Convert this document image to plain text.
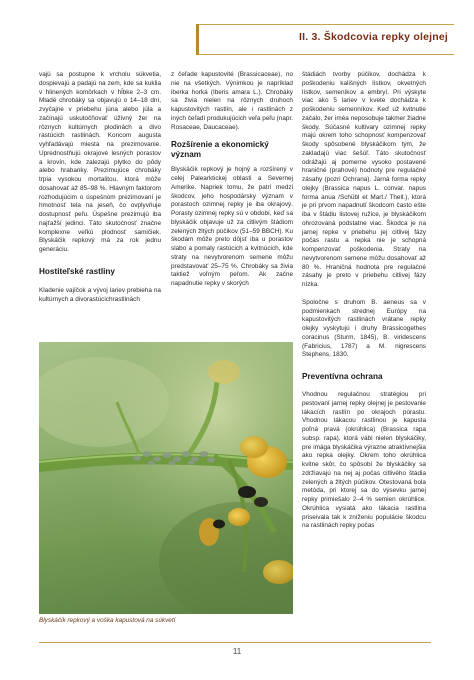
II. 3. Škodcovia repky olejnej

vajú sa postupne k vrcholu súkvetia, dospievajú a padajú na zem, kde sa kuklia v hlinených komôrkach v hĺbke 2–3 cm. Mladé chrobáky sa objavujú o 14–18 dní, zvyčajne v priebehu júna alebo júla a začínajú uskutočňovať úživný žer na rôznych kultúrnych plodinách a divo rastúcich rastlinách. Koncom augusta vyhľadávajú miesta na prezimovanie. Uprednostňujú okrajové lesných porastov a krovín, kde zalezajú plytko do pôdy alebo hrabanky. Prezimujúce chrobáky trpia vysokou mortalitou, ktorá môže dosahovať až 85–98 %. Hlavným faktorom rozhodujúcim o úspešnom prezimovaní je hmotnosť tela na jeseň, čo ovplyvňuje dostupnosť peľu. Úspešne prezimujú iba najťažší jedinci. Táto skutočnosť značne komplexne veľkú plodnosť samičiek. Blyskáčik repkový má za rok jednu generáciu.

Hostiteľské rastliny

Kladenie vajíčok a vývoj lariev prebieha na kultúrnych a divorastúcichrastlinách

z čeľade kapustovité (Brassicaceae), no nie na všetkých. Výnimkou je napríklad iberka horká (Iberis amara L.). Chrobáky sa živia nielen na rôznych druhoch kapustovitých rastlín, ale i rastlinách z iných čeľadí produkujúcich veľa peľu (napr. Rosaceae, Daucaceae).

Rozšírenie a ekonomický význam

Blyskáčik repkový je hojný a rozšírený v celej Palearktickej oblasti a Severnej Amerike. Napriek tomu, že patrí medzi škodcov, jeho hospodársky význam v porastoch ozimnej repky je iba okrajový. Porasty ozimnej repky sú v období, keď sa blyskáčik objavuje už za citlivým štádiom zelených žltých púčikov (51–59 BBCH). Ku škodám môže preto dôjsť iba u porastov slabo a pomaly rastúcich a kvitnúcich, kde straty na nevytvorenom semene môžu predstavovať 25–75 %. Chrobáky sa živia taktiež voľným peľom. Ak začne napadnutie repky v skorých

štádiách tvorby púčikov, dochádza k poškodeniu kališných lístkov, okvetných lístkov, semeníkov a embryí. Pri výskyte viac ako 5 lariev v kvete dochádza k poškodeniu semenníkov. Keď už kvitnutie začalo, žer iméa neposobuje takmer žiadne škody. Súčasné kultivary ozimnej repky majú okrem toho schopnosť kompenzovať škody spôsobené blyskáčikom tým, že zakladajú viac šešúľ. Táto skutočnosť odrážajú aj pomerne vysoko postavené hraničné (prahové) hodnoty pre regulačné zásahy (pozri Ochrana). Jarná forma repky olejky (Brassica napus L. convar. napus forma anua /Schübl et Mart./ Thell.), ktorá je pri prvom napadnutí škodcom často ešte iba v štádiu listovej ružice, je blyskáčikom ohrozovaná podstatne viac. Škodca je na jarnej repke v priebehu jej citlivej fázy počas rastu a repka nie je schopná kompenzovať poškodenia. Straty na nevytvorenom semene môžu dosahovať až 80 %. Hraničná hodnota pre regulačné zásahy je preto v priebehu citlivej fázy nízka.

Spoločne s druhom B. aeneus sa v podmienkach strednej Európy na kapustovitých rastlinách vrátane repky olejky vyskytujú i druhy Brassicogethes coracinus (Sturm, 1845), B. viridescens (Fabricius, 1787) a M. nigrescens Stephens, 1830.

Preventívna ochrana

Vhodnou regulačnou stratégiou pri pestovaní jarnej repky olejnej je pestovanie lákacích rastlín po okrajoch porastu. Vhodnou lákacou rastlinou je kapusta poľná pravá (okrúhlica) (Brassica rapa subsp. rapa), ktorá vábi nielen blyskáčiky, pre imága blyskáčika výrazne atraktívnejšia ako repka olejky. Okrem toho okrúhlica kvitne skôr, čo spôsobí že blyskáčiky sa zdržiavajú na nej aj počas citlivého štádia zelených a žltých púčikov. Otestovaná bola metóda, pri ktorej sa do výsevku jarnej repky primiešalo 2–4 % semien okrúhlice. Okrúhlica vysiatá ako lákacia rastlina priseivala tak k zníženiu populácie škodcu na rastlinách repky počas

Blyskáčik repkový a voška kapustová na súkvetí
11
